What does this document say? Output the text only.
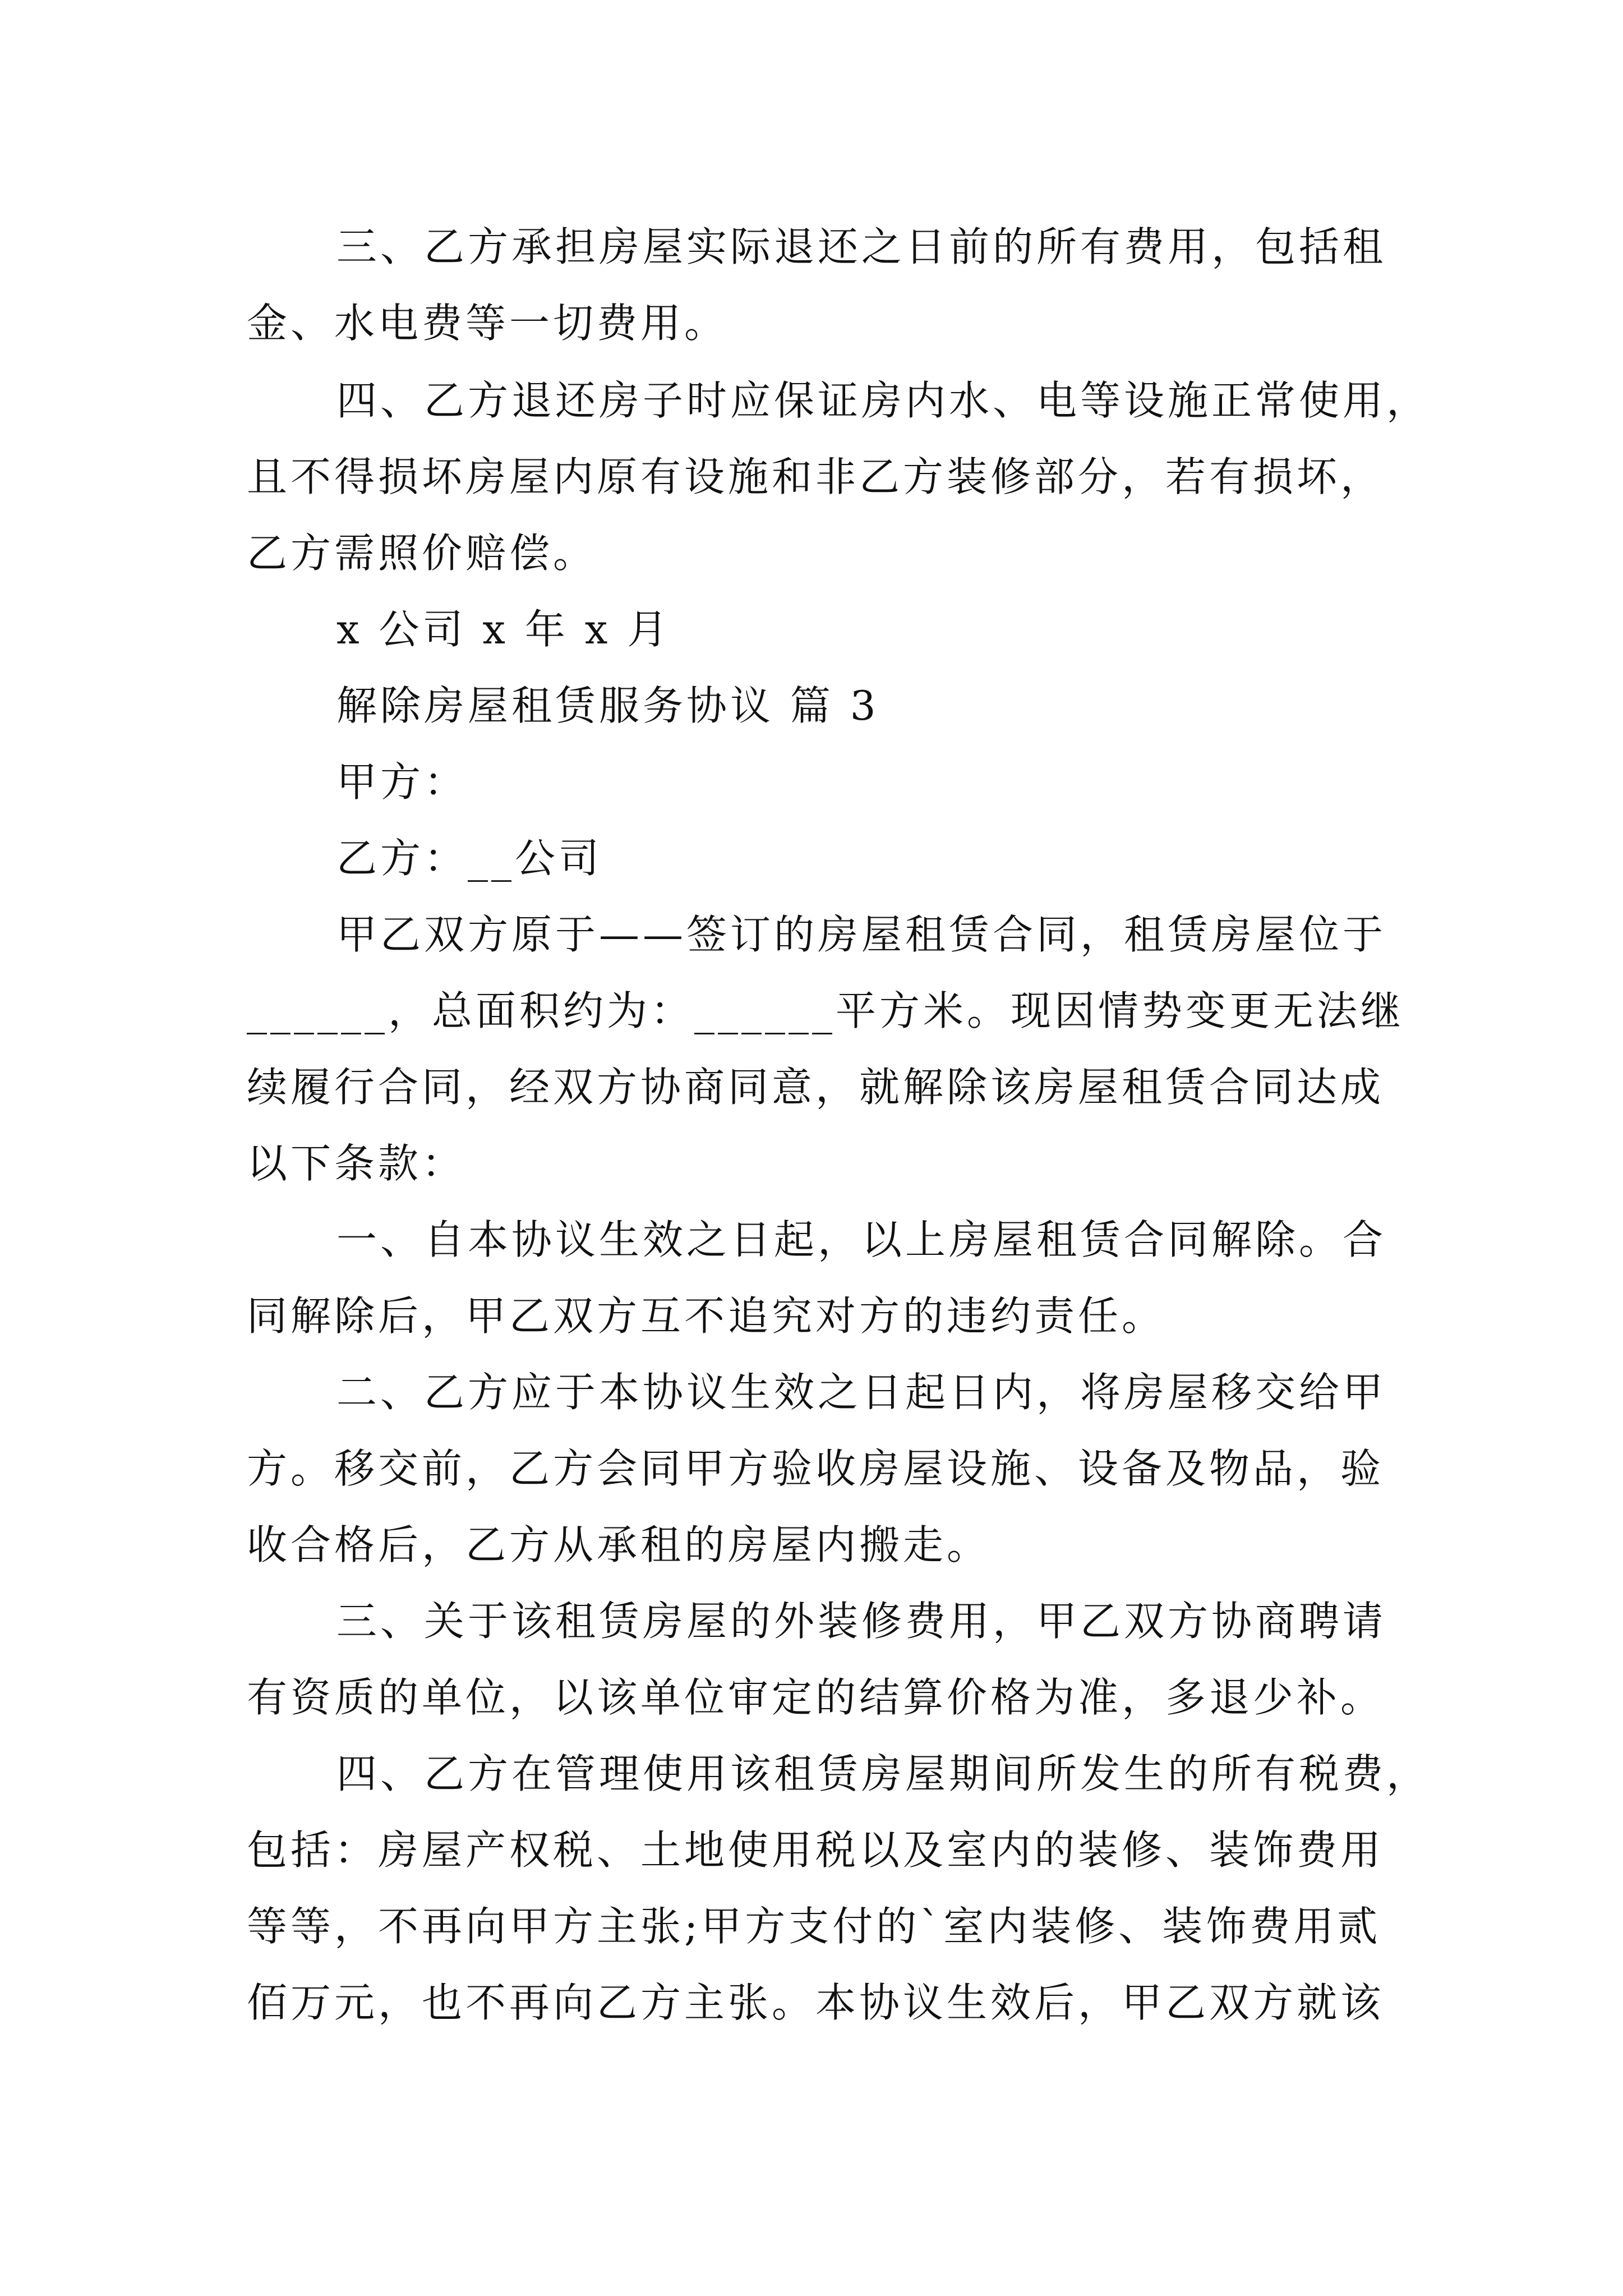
三、乙方承担房屋实际退还之日前的所有费用，包括租
金、水电费等一切费用。
四、乙方退还房子时应保证房内水、电等设施正常使用，
且不得损坏房屋内原有设施和非乙方装修部分，若有损坏，
乙方需照价赔偿。
x 公司 x 年 x 月
解除房屋租赁服务协议 篇 3
甲方：
乙方：__公司
甲乙双方原于——签订的房屋租赁合同，租赁房屋位于
______，总面积约为：______平方米。现因情势变更无法继
续履行合同，经双方协商同意，就解除该房屋租赁合同达成
以下条款：
一、自本协议生效之日起，以上房屋租赁合同解除。合
同解除后，甲乙双方互不追究对方的违约责任。
二、乙方应于本协议生效之日起日内，将房屋移交给甲
方。移交前，乙方会同甲方验收房屋设施、设备及物品，验
收合格后，乙方从承租的房屋内搬走。
三、关于该租赁房屋的外装修费用，甲乙双方协商聘请
有资质的单位，以该单位审定的结算价格为准，多退少补。
四、乙方在管理使用该租赁房屋期间所发生的所有税费，
包括：房屋产权税、土地使用税以及室内的装修、装饰费用
等等，不再向甲方主张;甲方支付的`室内装修、装饰费用贰
佰万元，也不再向乙方主张。本协议生效后，甲乙双方就该
